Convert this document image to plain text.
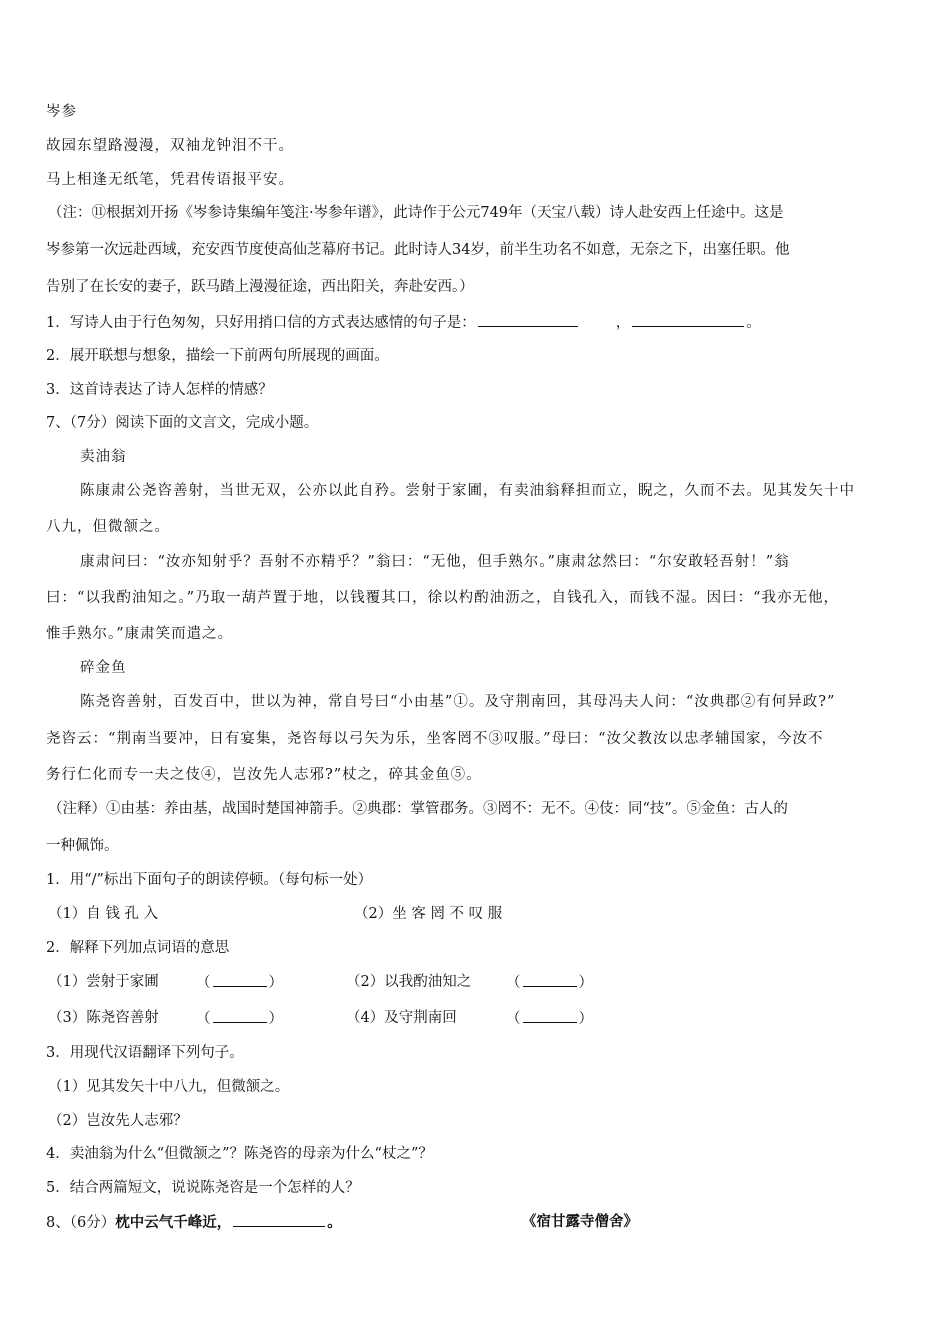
岑参
故园东望路漫漫，双袖龙钟泪不干。
马上相逢无纸笔，凭君传语报平安。
（注：⑪根据刘开扬《岑参诗集编年笺注·岑参年谱》，此诗作于公元749年（天宝八载）诗人赴安西上任途中。这是
岑参第一次远赴西域，充安西节度使高仙芝幕府书记。此时诗人34岁，前半生功名不如意，无奈之下，出塞任职。他
告别了在长安的妻子，跃马踏上漫漫征途，西出阳关，奔赴安西。）
1．写诗人由于行色匆匆，只好用捎口信的方式表达感情的句子是：	，	。
2．展开联想与想象，描绘一下前两句所展现的画面。
3．这首诗表达了诗人怎样的情感？
7、（7分）阅读下面的文言文，完成小题。
卖油翁
陈康肃公尧咨善射，当世无双，公亦以此自矜。尝射于家圃，有卖油翁释担而立，睨之，久而不去。见其发矢十中
八九，但微颔之。
康肃问曰：“汝亦知射乎？吾射不亦精乎？”翁曰：“无他，但手熟尔。”康肃忿然曰：“尔安敢轻吾射！”翁
曰：“以我酌油知之。”乃取一葫芦置于地，以钱覆其口，徐以杓酌油沥之，自钱孔入，而钱不湿。因曰：“我亦无他，
惟手熟尔。”康肃笑而遣之。
碎金鱼
陈尧咨善射，百发百中，世以为神，常自号曰“小由基”①。及守荆南回，其母冯夫人问：“汝典郡②有何异政?”
尧咨云：“荆南当要冲，日有宴集，尧咨每以弓矢为乐，坐客罔不③叹服。”母曰：“汝父教汝以忠孝辅国家，今汝不
务行仁化而专一夫之伎④，岂汝先人志邪?”杖之，碎其金鱼⑤。
（注释）①由基：养由基，战国时楚国神箭手。②典郡：掌管郡务。③罔不：无不。④伎：同“技”。⑤金鱼：古人的
一种佩饰。
1．用“/”标出下面句子的朗读停顿。（每句标一处）
（1）自 钱 孔 入	（2）坐 客 罔 不 叹 服
2．解释下列加点词语的意思
（1）尝射于家圃	（	）	（2）以我酌油知之 （	）
（3）陈尧咨善射	（	）	（4）及守荆南回	（	）
3．用现代汉语翻译下列句子。
（1）见其发矢十中八九，但微颔之。
（2）岂汝先人志邪？
4．卖油翁为什么“但微颔之”？陈尧咨的母亲为什么“杖之”？
5．结合两篇短文，说说陈尧咨是一个怎样的人？
8、（6分）枕中云气千峰近，	。	《宿甘露寺僧舍》
